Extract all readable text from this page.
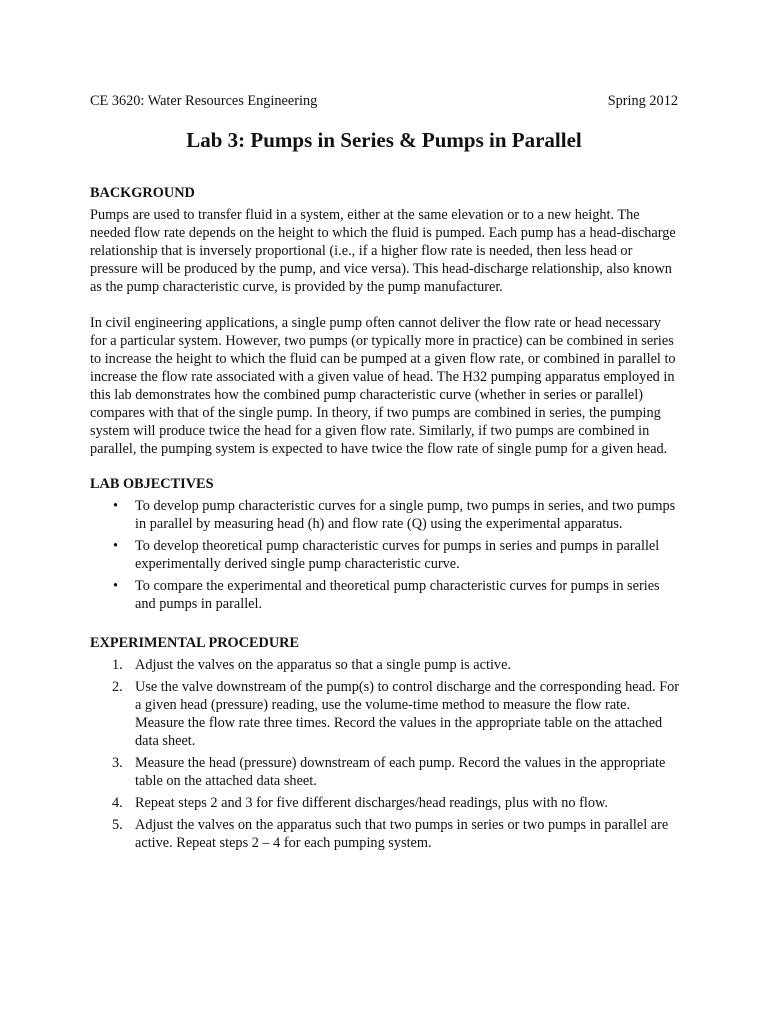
CE 3620: Water Resources Engineering	Spring 2012
Lab 3: Pumps in Series & Pumps in Parallel
BACKGROUND

Pumps are used to transfer fluid in a system, either at the same elevation or to a new height. The needed flow rate depends on the height to which the fluid is pumped. Each pump has a head-discharge relationship that is inversely proportional (i.e., if a higher flow rate is needed, then less head or pressure will be produced by the pump, and vice versa). This head-discharge relationship, also known as the pump characteristic curve, is provided by the pump manufacturer.

In civil engineering applications, a single pump often cannot deliver the flow rate or head necessary for a particular system. However, two pumps (or typically more in practice) can be combined in series to increase the height to which the fluid can be pumped at a given flow rate, or combined in parallel to increase the flow rate associated with a given value of head. The H32 pumping apparatus employed in this lab demonstrates how the combined pump characteristic curve (whether in series or parallel) compares with that of the single pump. In theory, if two pumps are combined in series, the pumping system will produce twice the head for a given flow rate. Similarly, if two pumps are combined in parallel, the pumping system is expected to have twice the flow rate of single pump for a given head.

LAB OBJECTIVES
• To develop pump characteristic curves for a single pump, two pumps in series, and two pumps in parallel by measuring head (h) and flow rate (Q) using the experimental apparatus.
• To develop theoretical pump characteristic curves for pumps in series and pumps in parallel experimentally derived single pump characteristic curve.
• To compare the experimental and theoretical pump characteristic curves for pumps in series and pumps in parallel.
EXPERIMENTAL PROCEDURE
1. Adjust the valves on the apparatus so that a single pump is active.
2. Use the valve downstream of the pump(s) to control discharge and the corresponding head. For a given head (pressure) reading, use the volume-time method to measure the flow rate. Measure the flow rate three times. Record the values in the appropriate table on the attached data sheet.
3. Measure the head (pressure) downstream of each pump. Record the values in the appropriate table on the attached data sheet.
4. Repeat steps 2 and 3 for five different discharges/head readings, plus with no flow.
5. Adjust the valves on the apparatus such that two pumps in series or two pumps in parallel are active. Repeat steps 2 – 4 for each pumping system.
